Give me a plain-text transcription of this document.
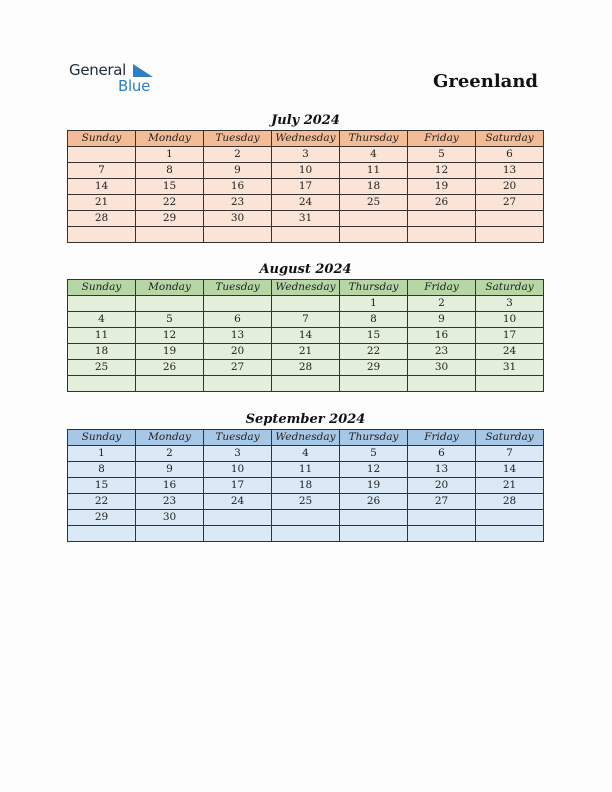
General
Blue	Greenland
July 2024
Sunday	Monday	Tuesday	Wednesday	Thursday	Friday	Saturday
	1	2	3	4	5	6
7	8	9	10	11	12	13
14	15	16	17	18	19	20
21	22	23	24	25	26	27
28	29	30	31			

August 2024
Sunday	Monday	Tuesday	Wednesday	Thursday	Friday	Saturday
				1	2	3
4	5	6	7	8	9	10
11	12	13	14	15	16	17
18	19	20	21	22	23	24
25	26	27	28	29	30	31

September 2024
Sunday	Monday	Tuesday	Wednesday	Thursday	Friday	Saturday
1	2	3	4	5	6	7
8	9	10	11	12	13	14
15	16	17	18	19	20	21
22	23	24	25	26	27	28
29	30					
